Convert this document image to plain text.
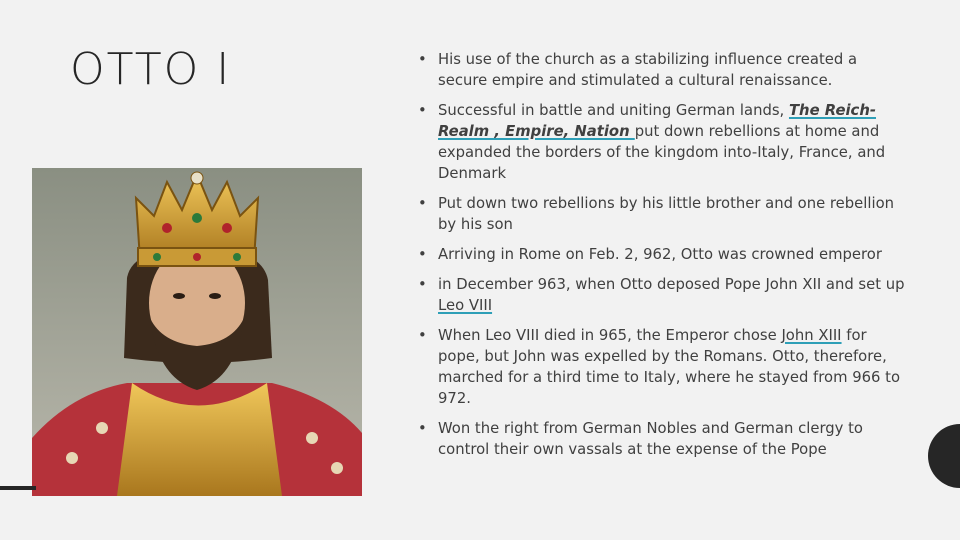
OTTO I
•	His use of the church as a stabilizing influence created a secure empire and stimulated a cultural renaissance.
• Successful in battle and uniting German lands, The Reich- Realm , Empire, Nation put down rebellions at home and expanded the borders of the kingdom into-Italy, France, and Denmark
• Put down two rebellions by his little brother and one rebellion by his son
• Arriving in Rome on Feb. 2, 962, Otto was crowned emperor
• in December 963, when Otto deposed Pope John XII and set up Leo VIII
• When Leo VIII died in 965, the Emperor chose John XIII for pope, but John was expelled by the Romans. Otto, therefore, marched for a third time to Italy, where he stayed from 966 to 972.
• Won the right from German Nobles and German clergy to control their own vassals at the expense of the Pope
